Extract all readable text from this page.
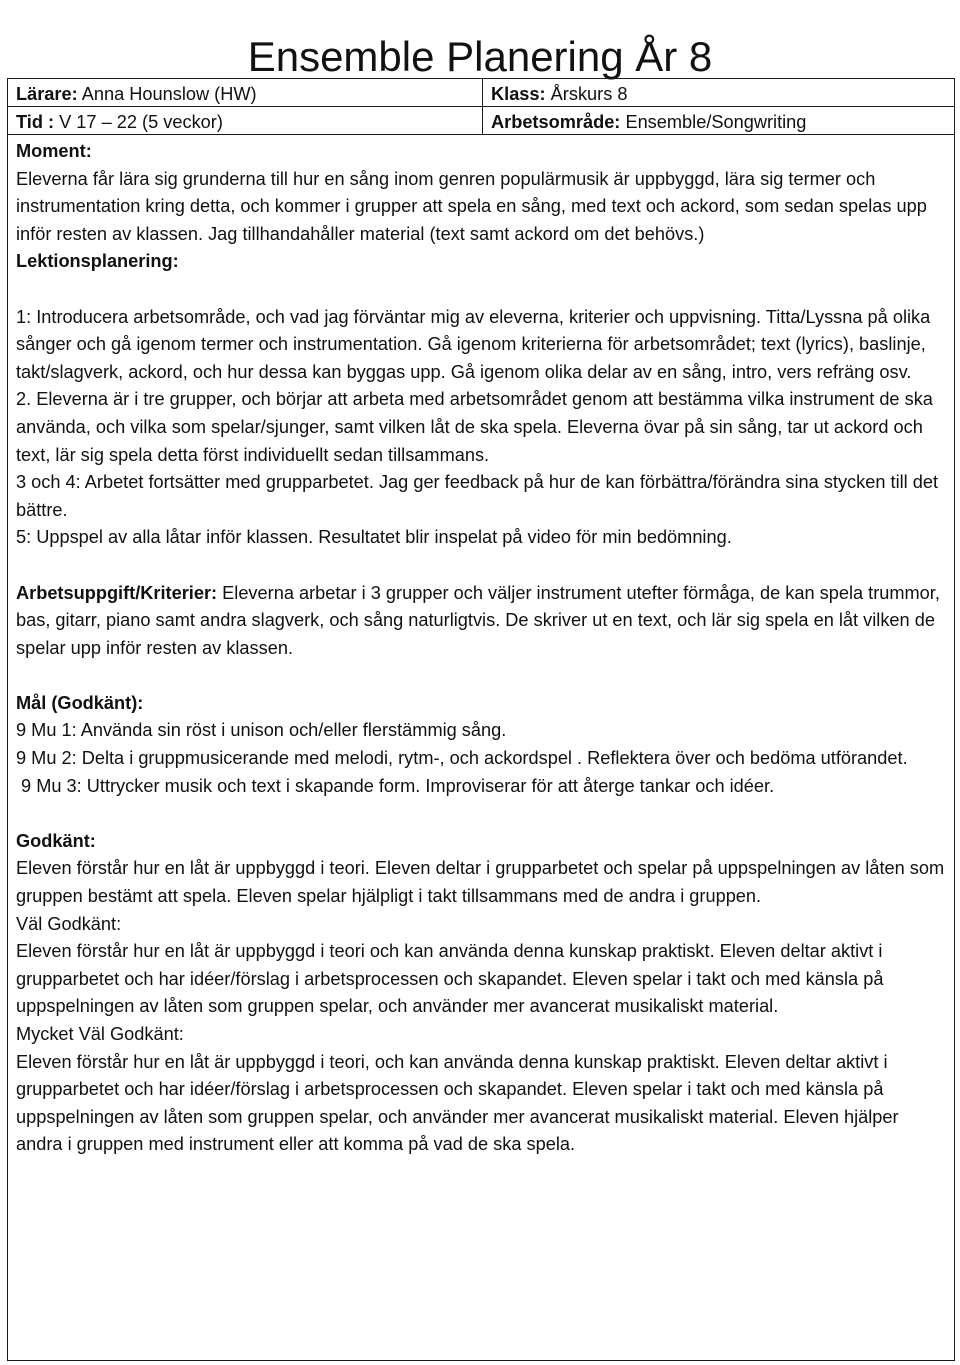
Ensemble Planering År 8
Lärare: Anna Hounslow (HW)	Klass: Årskurs 8
Tid : V 17 – 22 (5 veckor)	Arbetsområde: Ensemble/Songwriting

Moment:

Eleverna får lära sig grunderna till hur en sång inom genren populärmusik är uppbyggd, lära sig termer och instrumentation kring detta, och kommer i grupper att spela en sång, med text och ackord, som sedan spelas upp inför resten av klassen. Jag tillhandahåller material (text samt ackord om det behövs.)

Lektionsplanering:

1: Introducera arbetsområde, och vad jag förväntar mig av eleverna, kriterier och uppvisning. Titta/Lyssna på olika sånger och gå igenom termer och instrumentation. Gå igenom kriterierna för arbetsområdet; text (lyrics), baslinje, takt/slagverk, ackord, och hur dessa kan byggas upp. Gå igenom olika delar av en sång, intro, vers refräng osv.

2. Eleverna är i tre grupper, och börjar att arbeta med arbetsområdet genom att bestämma vilka instrument de ska använda, och vilka som spelar/sjunger, samt vilken låt de ska spela. Eleverna övar på sin sång, tar ut ackord och text, lär sig spela detta först individuellt sedan tillsammans.

3 och 4: Arbetet fortsätter med grupparbetet. Jag ger feedback på hur de kan förbättra/förändra sina stycken till det bättre.

5: Uppspel av alla låtar inför klassen. Resultatet blir inspelat på video för min bedömning.

Arbetsuppgift/Kriterier: Eleverna arbetar i 3 grupper och väljer instrument utefter förmåga, de kan spela trummor, bas, gitarr, piano samt andra slagverk, och sång naturligtvis. De skriver ut en text, och lär sig spela en låt vilken de spelar upp inför resten av klassen.

Mål (Godkänt):

9 Mu 1: Använda sin röst i unison och/eller flerstämmig sång.

9 Mu 2: Delta i gruppmusicerande med melodi, rytm-, och ackordspel . Reflektera över och bedöma utförandet.

9 Mu 3: Uttrycker musik och text i skapande form. Improviserar för att återge tankar och idéer.

Godkänt:

Eleven förstår hur en låt är uppbyggd i teori. Eleven deltar i grupparbetet och spelar på uppspelningen av låten som gruppen bestämt att spela. Eleven spelar hjälpligt i takt tillsammans med de andra i gruppen.

Väl Godkänt:

Eleven förstår hur en låt är uppbyggd i teori och kan använda denna kunskap praktiskt. Eleven deltar aktivt i grupparbetet och har idéer/förslag i arbetsprocessen och skapandet. Eleven spelar i takt och med känsla på uppspelningen av låten som gruppen spelar, och använder mer avancerat musikaliskt material.

Mycket Väl Godkänt:

Eleven förstår hur en låt är uppbyggd i teori, och kan använda denna kunskap praktiskt. Eleven deltar aktivt i grupparbetet och har idéer/förslag i arbetsprocessen och skapandet. Eleven spelar i takt och med känsla på uppspelningen av låten som gruppen spelar, och använder mer avancerat musikaliskt material. Eleven hjälper andra i gruppen med instrument eller att komma på vad de ska spela.
